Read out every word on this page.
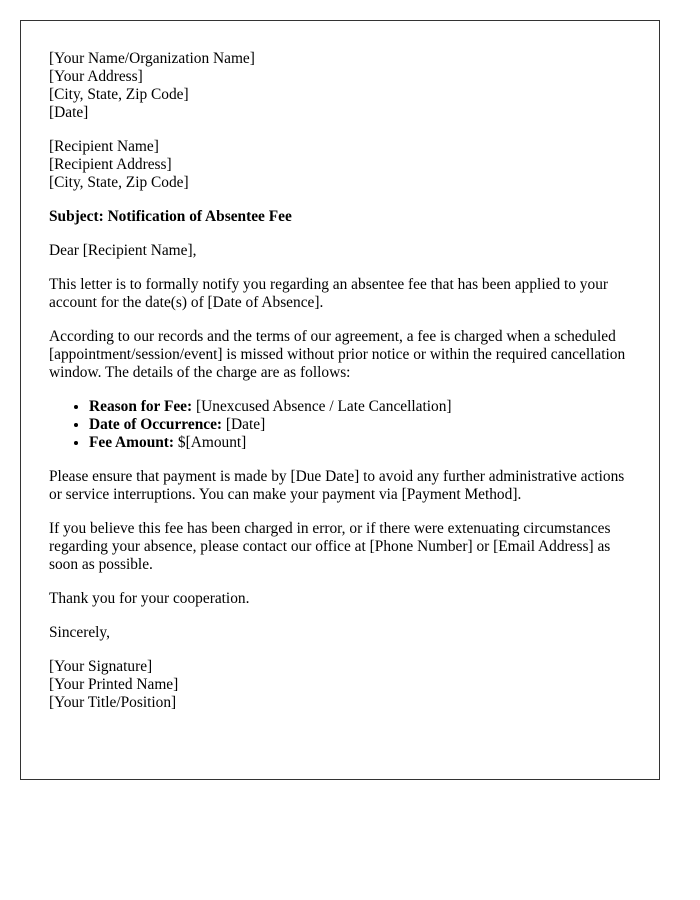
[Your Name/Organization Name]
[Your Address]
[City, State, Zip Code]
[Date]
[Recipient Name]
[Recipient Address]
[City, State, Zip Code]

Subject: Notification of Absentee Fee

Dear [Recipient Name],

This letter is to formally notify you regarding an absentee fee that has been applied to your account for the date(s) of [Date of Absence].

According to our records and the terms of our agreement, a fee is charged when a scheduled [appointment/session/event] is missed without prior notice or within the required cancellation window. The details of the charge are as follows:

• Reason for Fee: [Unexcused Absence / Late Cancellation]
• Date of Occurrence: [Date]
• Fee Amount: $[Amount]

Please ensure that payment is made by [Due Date] to avoid any further administrative actions or service interruptions. You can make your payment via [Payment Method].

If you believe this fee has been charged in error, or if there were extenuating circumstances regarding your absence, please contact our office at [Phone Number] or [Email Address] as soon as possible.

Thank you for your cooperation.

Sincerely,

[Your Signature]
[Your Printed Name]
[Your Title/Position]
